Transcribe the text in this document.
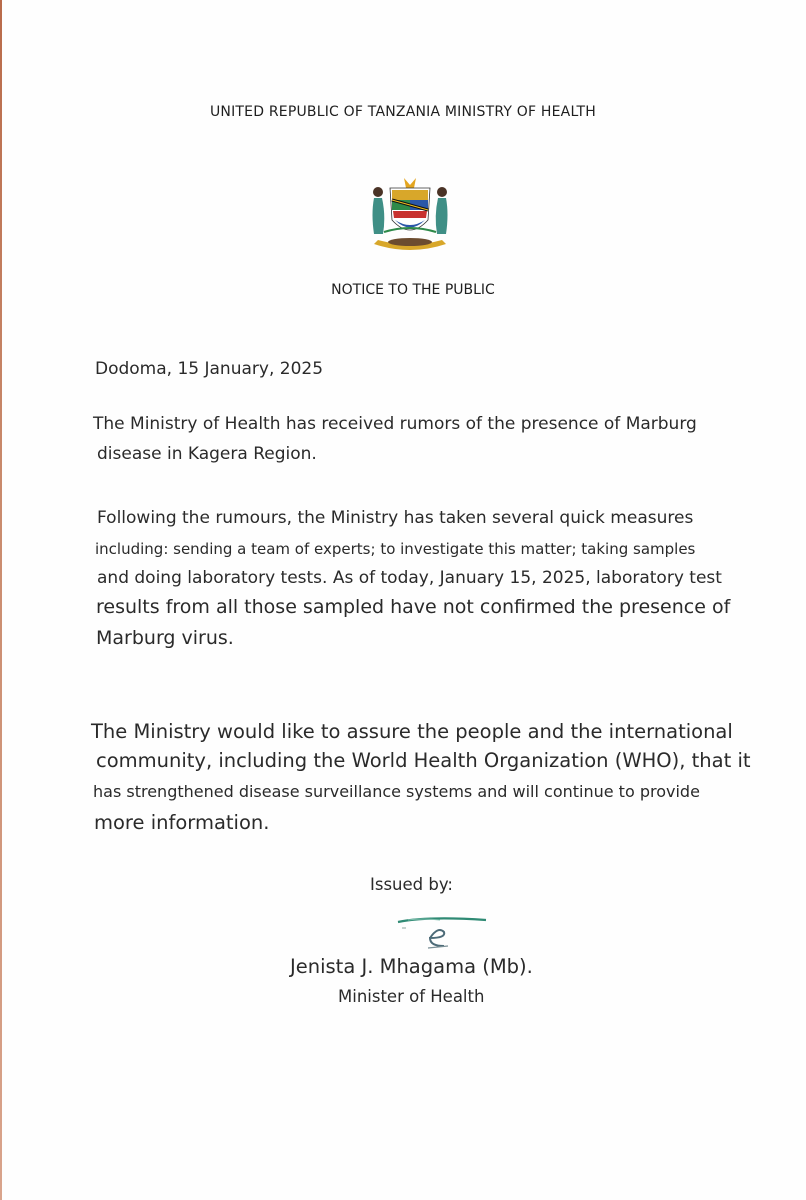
UNITED REPUBLIC OF TANZANIA MINISTRY OF HEALTH
NOTICE TO THE PUBLIC
Dodoma, 15 January, 2025
The Ministry of Health has received rumors of the presence of Marburg
disease in Kagera Region.
Following the rumours, the Ministry has taken several quick measures
including: sending a team of experts; to investigate this matter; taking samples
and doing laboratory tests. As of today, January 15, 2025, laboratory test
results from all those sampled have not confirmed the presence of
Marburg virus.
The Ministry would like to assure the people and the international
community, including the World Health Organization (WHO), that it
has strengthened disease surveillance systems and will continue to provide
more information.
Issued by:
Jenista J. Mhagama (Mb).
Minister of Health
